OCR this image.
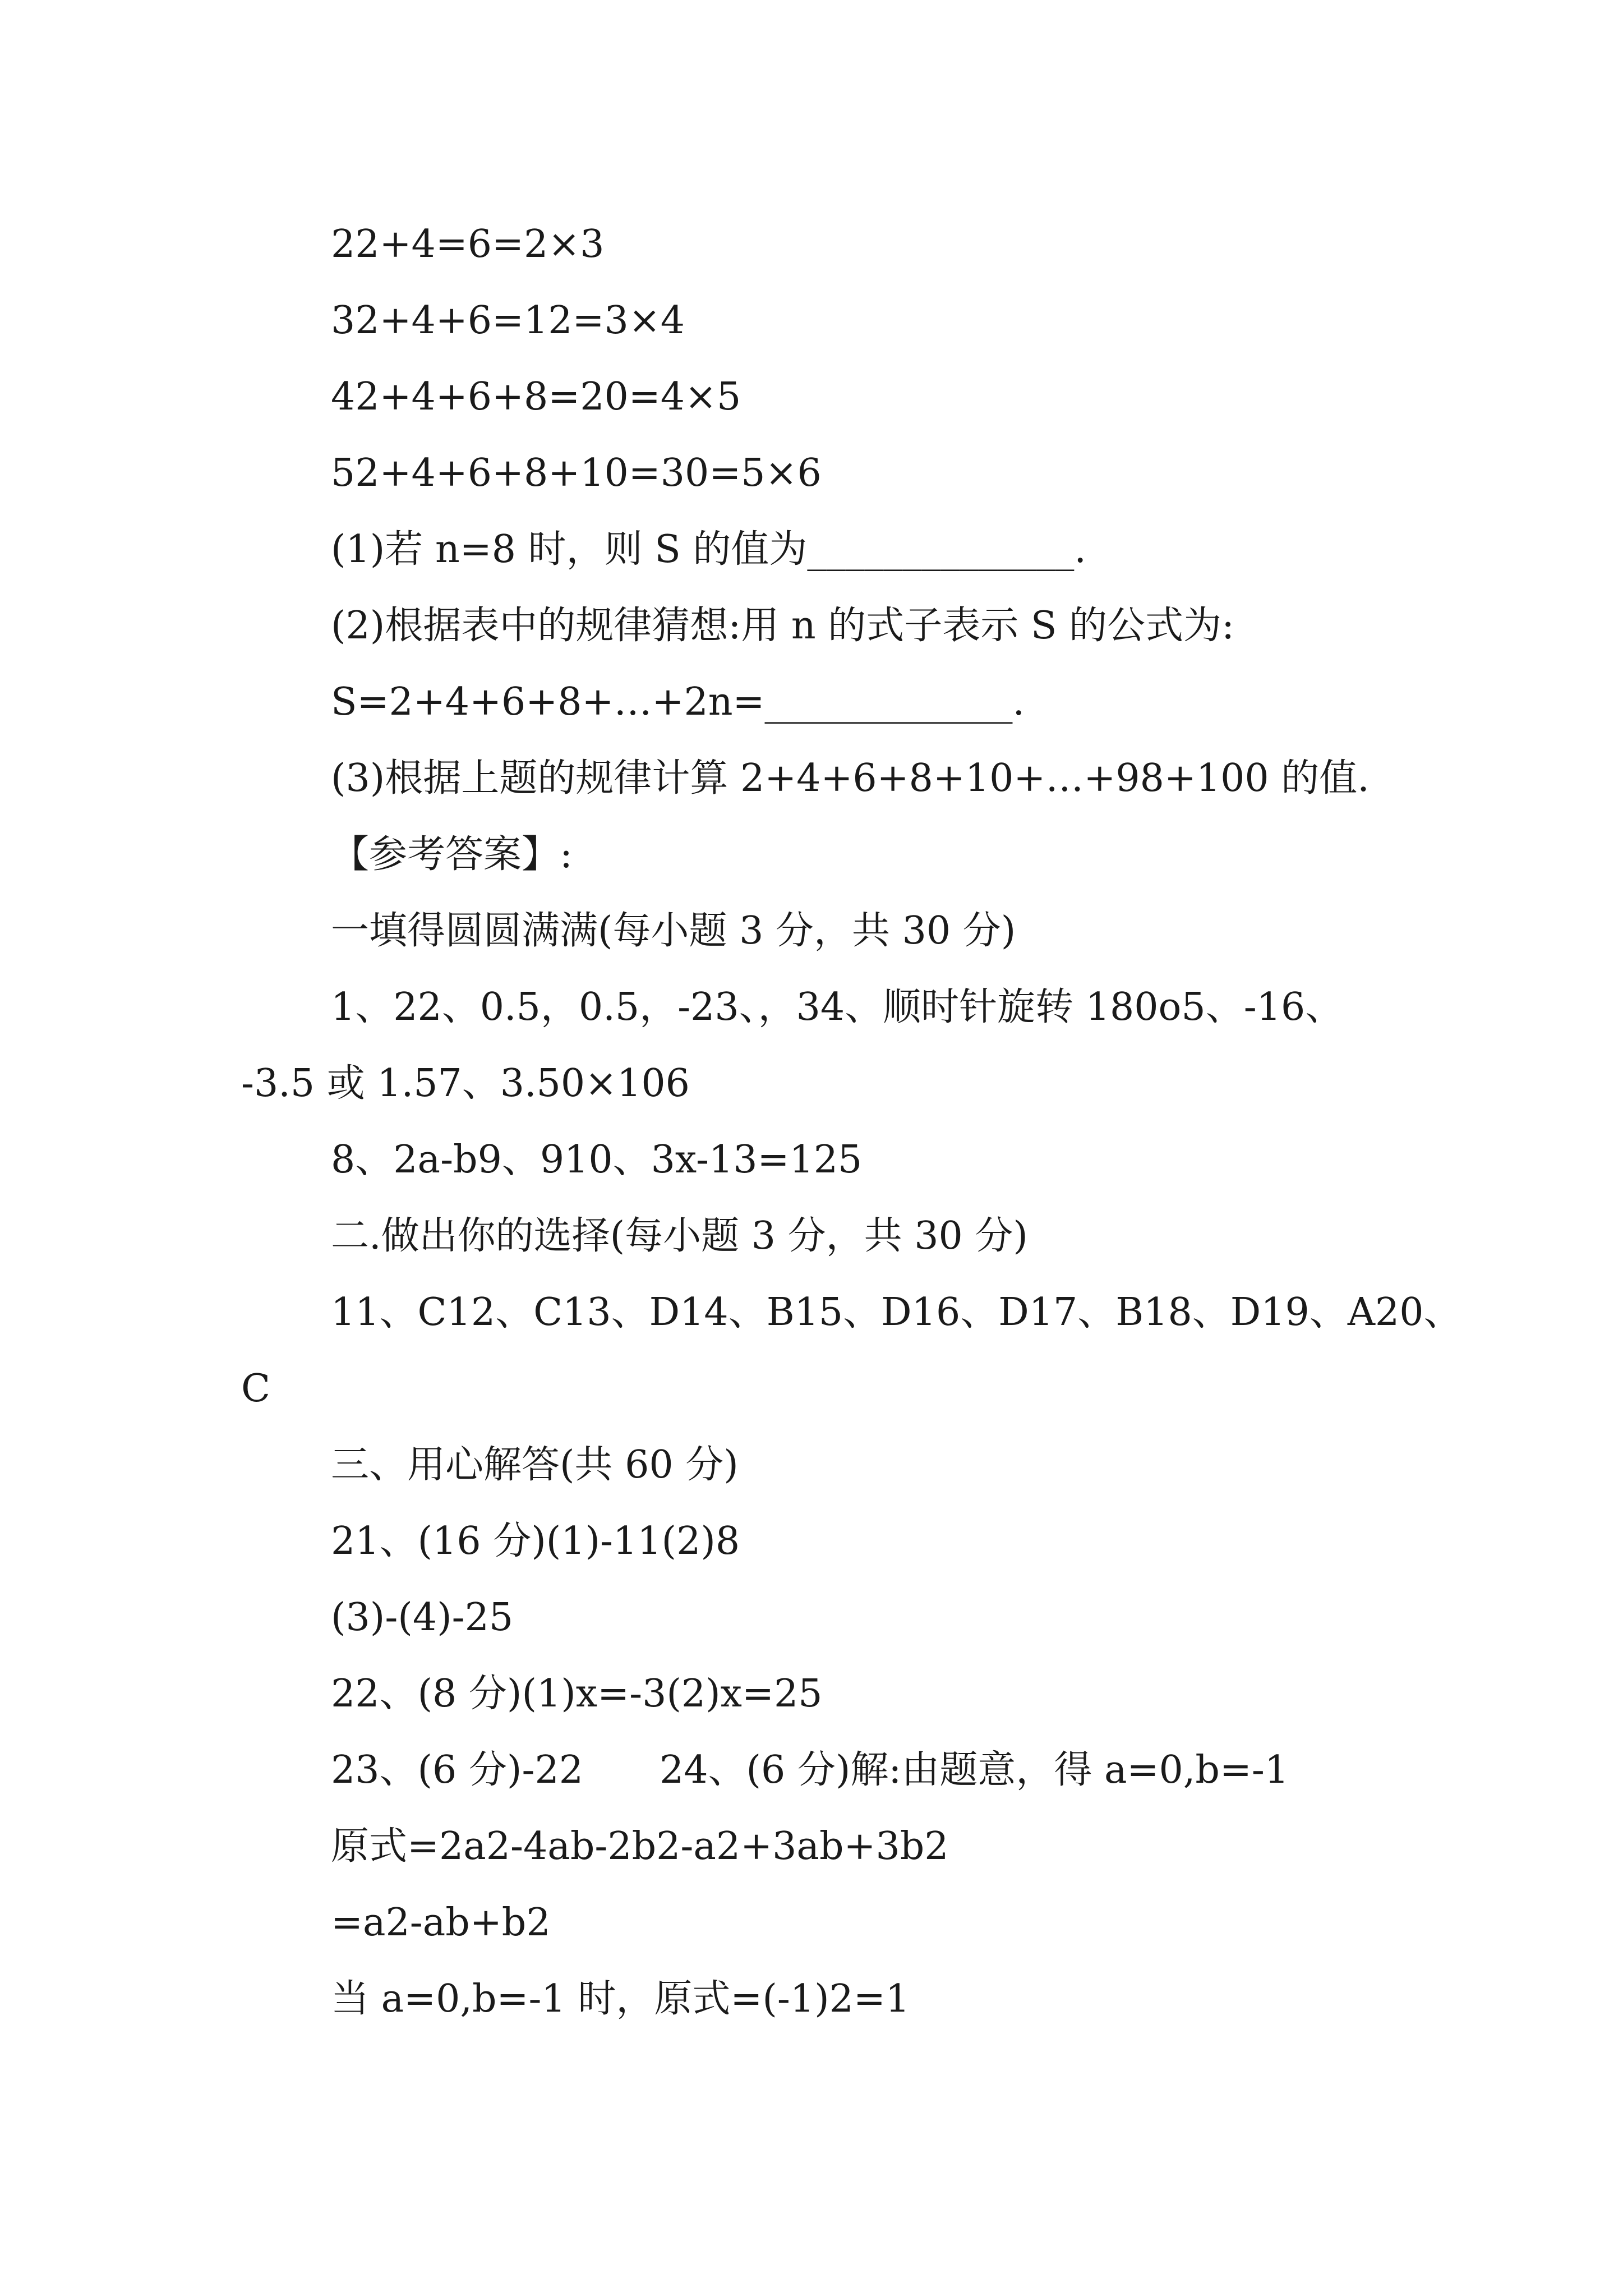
22+4=6=2×3
32+4+6=12=3×4
42+4+6+8=20=4×5
52+4+6+8+10=30=5×6
(1)若 n=8 时，则 S 的值为______________.
(2)根据表中的规律猜想:用 n 的式子表示 S 的公式为:
S=2+4+6+8+…+2n=_____________.
(3)根据上题的规律计算 2+4+6+8+10+…+98+100 的值.
【参考答案】:
一填得圆圆满满(每小题 3 分，共 30 分)
1、22、0.5，0.5，-23、，34、顺时针旋转 180o5、-16、
-3.5 或 1.57、3.50×106
8、2a-b9、910、3x-13=125
二.做出你的选择(每小题 3 分，共 30 分)
11、C12、C13、D14、B15、D16、D17、B18、D19、A20、
C
三、用心解答(共 60 分)
21、(16 分)(1)-11(2)8
(3)-(4)-25
22、(8 分)(1)x=-3(2)x=25
23、(6 分)-22　　24、(6 分)解:由题意，得 a=0,b=-1
原式=2a2-4ab-2b2-a2+3ab+3b2
=a2-ab+b2
当 a=0,b=-1 时，原式=(-1)2=1
